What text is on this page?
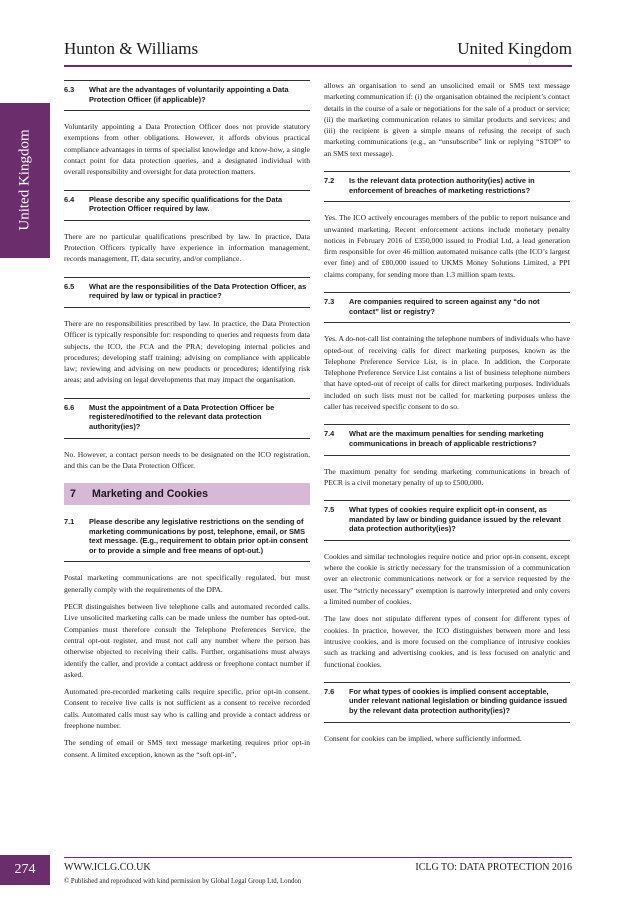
Hunton & Williams	United Kingdom
United Kingdom
6.3	What are the advantages of voluntarily appointing a Data Protection Officer (if applicable)?

Voluntarily appointing a Data Protection Officer does not provide statutory exemptions from other obligations. However, it affords obvious practical compliance advantages in terms of specialist knowledge and know-how, a single contact point for data protection queries, and a designated individual with overall responsibility and oversight for data protection matters.

6.4	Please describe any specific qualifications for the Data Protection Officer required by law.

There are no particular qualifications prescribed by law. In practice, Data Protection Officers typically have experience in information management, records management, IT, data security, and/or compliance.

6.5	What are the responsibilities of the Data Protection Officer, as required by law or typical in practice?

There are no responsibilities prescribed by law. In practice, the Data Protection Officer is typically responsible for: responding to queries and requests from data subjects, the ICO, the FCA and the PRA; developing internal policies and procedures; developing staff training; advising on compliance with applicable law; reviewing and advising on new products or procedures; identifying risk areas; and advising on legal developments that may impact the organisation.

6.6	Must the appointment of a Data Protection Officer be registered/notified to the relevant data protection authority(ies)?

No. However, a contact person needs to be designated on the ICO registration, and this can be the Data Protection Officer.

7	Marketing and Cookies
7.1	Please describe any legislative restrictions on the sending of marketing communications by post, telephone, email, or SMS text message. (E.g., requirement to obtain prior opt-in consent or to provide a simple and free means of opt-out.)

Postal marketing communications are not specifically regulated, but must generally comply with the requirements of the DPA.

PECR distinguishes between live telephone calls and automated recorded calls. Live unsolicited marketing calls can be made unless the number has opted-out. Companies must therefore consult the Telephone Preferences Service, the central opt-out register, and must not call any number where the person has otherwise objected to receiving their calls. Further, organisations must always identify the caller, and provide a contact address or freephone contact number if asked.

Automated pre-recorded marketing calls require specific, prior opt-in consent. Consent to receive live calls is not sufficient as a consent to receive recorded calls. Automated calls must say who is calling and provide a contact address or freephone number.

The sending of email or SMS text message marketing requires prior opt-in consent. A limited exception, known as the “soft opt-in”,

allows an organisation to send an unsolicited email or SMS text message marketing communication if: (i) the organisation obtained the recipient’s contact details in the course of a sale or negotiations for the sale of a product or service; (ii) the marketing communication relates to similar products and services; and (iii) the recipient is given a simple means of refusing the receipt of such marketing communications (e.g., an “unsubscribe” link or replying “STOP” to an SMS text message).

7.2	Is the relevant data protection authority(ies) active in enforcement of breaches of marketing restrictions?

Yes. The ICO actively encourages members of the public to report nuisance and unwanted marketing. Recent enforcement actions include monetary penalty notices in February 2016 of £350,000 issued to Prodial Ltd, a lead generation firm responsible for over 46 million automated nuisance calls (the ICO’s largest ever fine) and of £80,000 issued to UKMS Money Solutions Limited, a PPI claims company, for sending more than 1.3 million spam texts.

7.3	Are companies required to screen against any “do not contact” list or registry?

Yes. A do-not-call list containing the telephone numbers of individuals who have opted-out of receiving calls for direct marketing purposes, known as the Telephone Preference Service List, is in place. In addition, the Corporate Telephone Preference Service List contains a list of business telephone numbers that have opted-out of receipt of calls for direct marketing purposes. Individuals included on such lists must not be called for marketing purposes unless the caller has received specific consent to do so.

7.4	What are the maximum penalties for sending marketing communications in breach of applicable restrictions?

The maximum penalty for sending marketing communications in breach of PECR is a civil monetary penalty of up to £500,000.

7.5	What types of cookies require explicit opt-in consent, as mandated by law or binding guidance issued by the relevant data protection authority(ies)?

Cookies and similar technologies require notice and prior opt-in consent, except where the cookie is strictly necessary for the transmission of a communication over an electronic communications network or for a service requested by the user. The “strictly necessary” exemption is narrowly interpreted and only covers a limited number of cookies.

The law does not stipulate different types of consent for different types of cookies. In practice, however, the ICO distinguishes between more and less intrusive cookies, and is more focused on the compliance of intrusive cookies such as tracking and advertising cookies, and is less focused on analytic and functional cookies.

7.6	For what types of cookies is implied consent acceptable, under relevant national legislation or binding guidance issued by the relevant data protection authority(ies)?

Consent for cookies can be implied, where sufficiently informed.

274	WWW.ICLG.CO.UK	ICLG TO: DATA PROTECTION 2016
© Published and reproduced with kind permission by Global Legal Group Ltd, London
